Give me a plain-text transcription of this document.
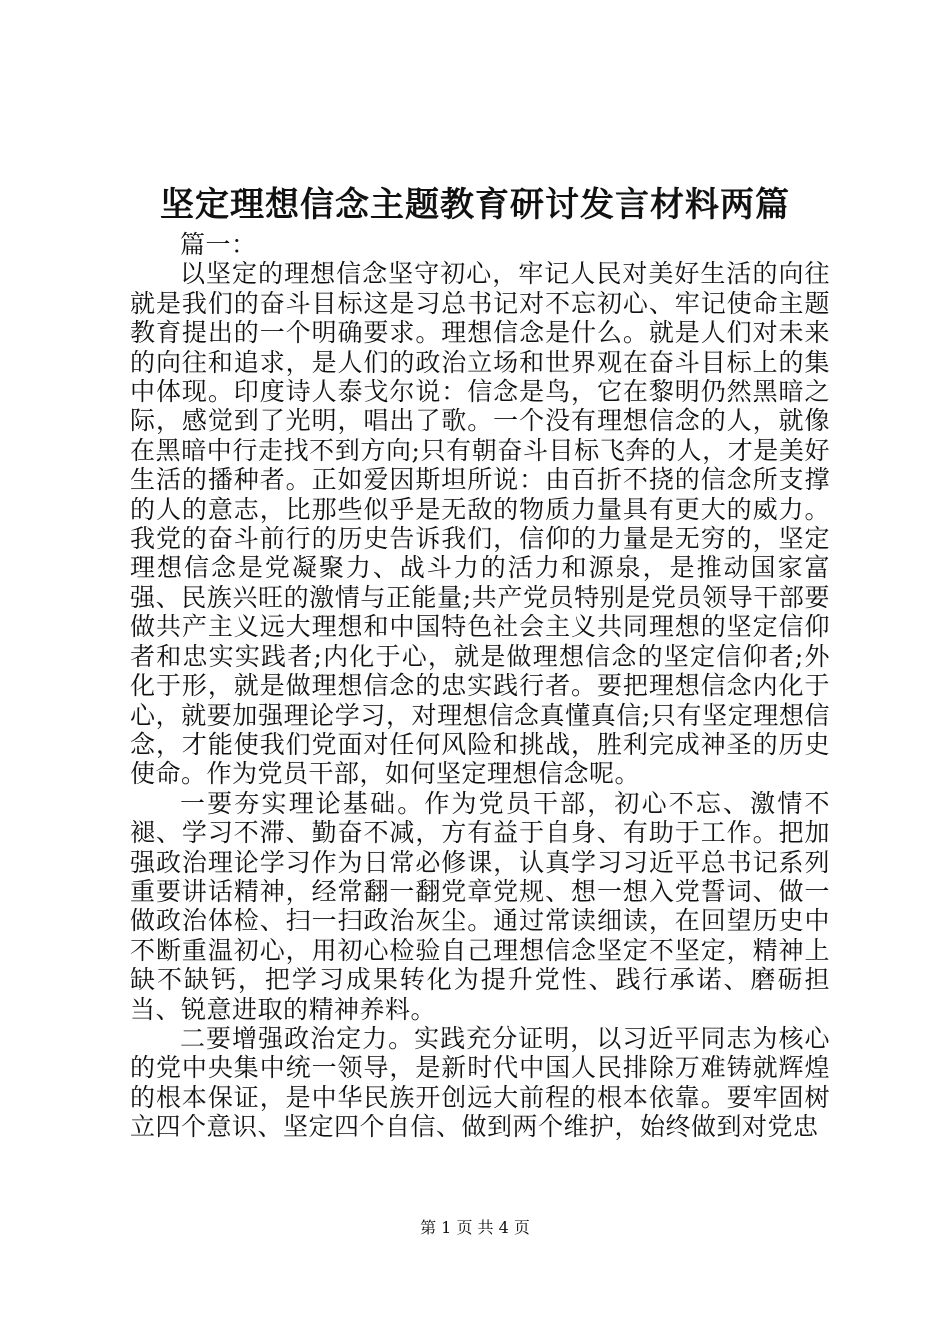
坚定理想信念主题教育研讨发言材料两篇

篇一：

以坚定的理想信念坚守初心，牢记人民对美好生活的向往就是我们的奋斗目标这是习总书记对不忘初心、牢记使命主题教育提出的一个明确要求。理想信念是什么。就是人们对未来的向往和追求，是人们的政治立场和世界观在奋斗目标上的集中体现。印度诗人泰戈尔说：信念是鸟，它在黎明仍然黑暗之际，感觉到了光明，唱出了歌。一个没有理想信念的人，就像在黑暗中行走找不到方向;只有朝奋斗目标飞奔的人，才是美好生活的播种者。正如爱因斯坦所说：由百折不挠的信念所支撑的人的意志，比那些似乎是无敌的物质力量具有更大的威力。我党的奋斗前行的历史告诉我们，信仰的力量是无穷的，坚定理想信念是党凝聚力、战斗力的活力和源泉，是推动国家富强、民族兴旺的激情与正能量;共产党员特别是党员领导干部要做共产主义远大理想和中国特色社会主义共同理想的坚定信仰者和忠实实践者;内化于心，就是做理想信念的坚定信仰者;外化于形，就是做理想信念的忠实践行者。要把理想信念内化于心，就要加强理论学习，对理想信念真懂真信;只有坚定理想信念，才能使我们党面对任何风险和挑战，胜利完成神圣的历史使命。作为党员干部，如何坚定理想信念呢。

一要夯实理论基础。作为党员干部，初心不忘、激情不褪、学习不滞、勤奋不减，方有益于自身、有助于工作。把加强政治理论学习作为日常必修课，认真学习习近平总书记系列重要讲话精神，经常翻一翻党章党规、想一想入党誓词、做一做政治体检、扫一扫政治灰尘。通过常读细读，在回望历史中不断重温初心，用初心检验自己理想信念坚定不坚定，精神上缺不缺钙，把学习成果转化为提升党性、践行承诺、磨砺担当、锐意进取的精神养料。

二要增强政治定力。实践充分证明，以习近平同志为核心的党中央集中统一领导，是新时代中国人民排除万难铸就辉煌的根本保证，是中华民族开创远大前程的根本依靠。要牢固树立四个意识、坚定四个自信、做到两个维护，始终做到对党忠

第 1 页 共 4 页
